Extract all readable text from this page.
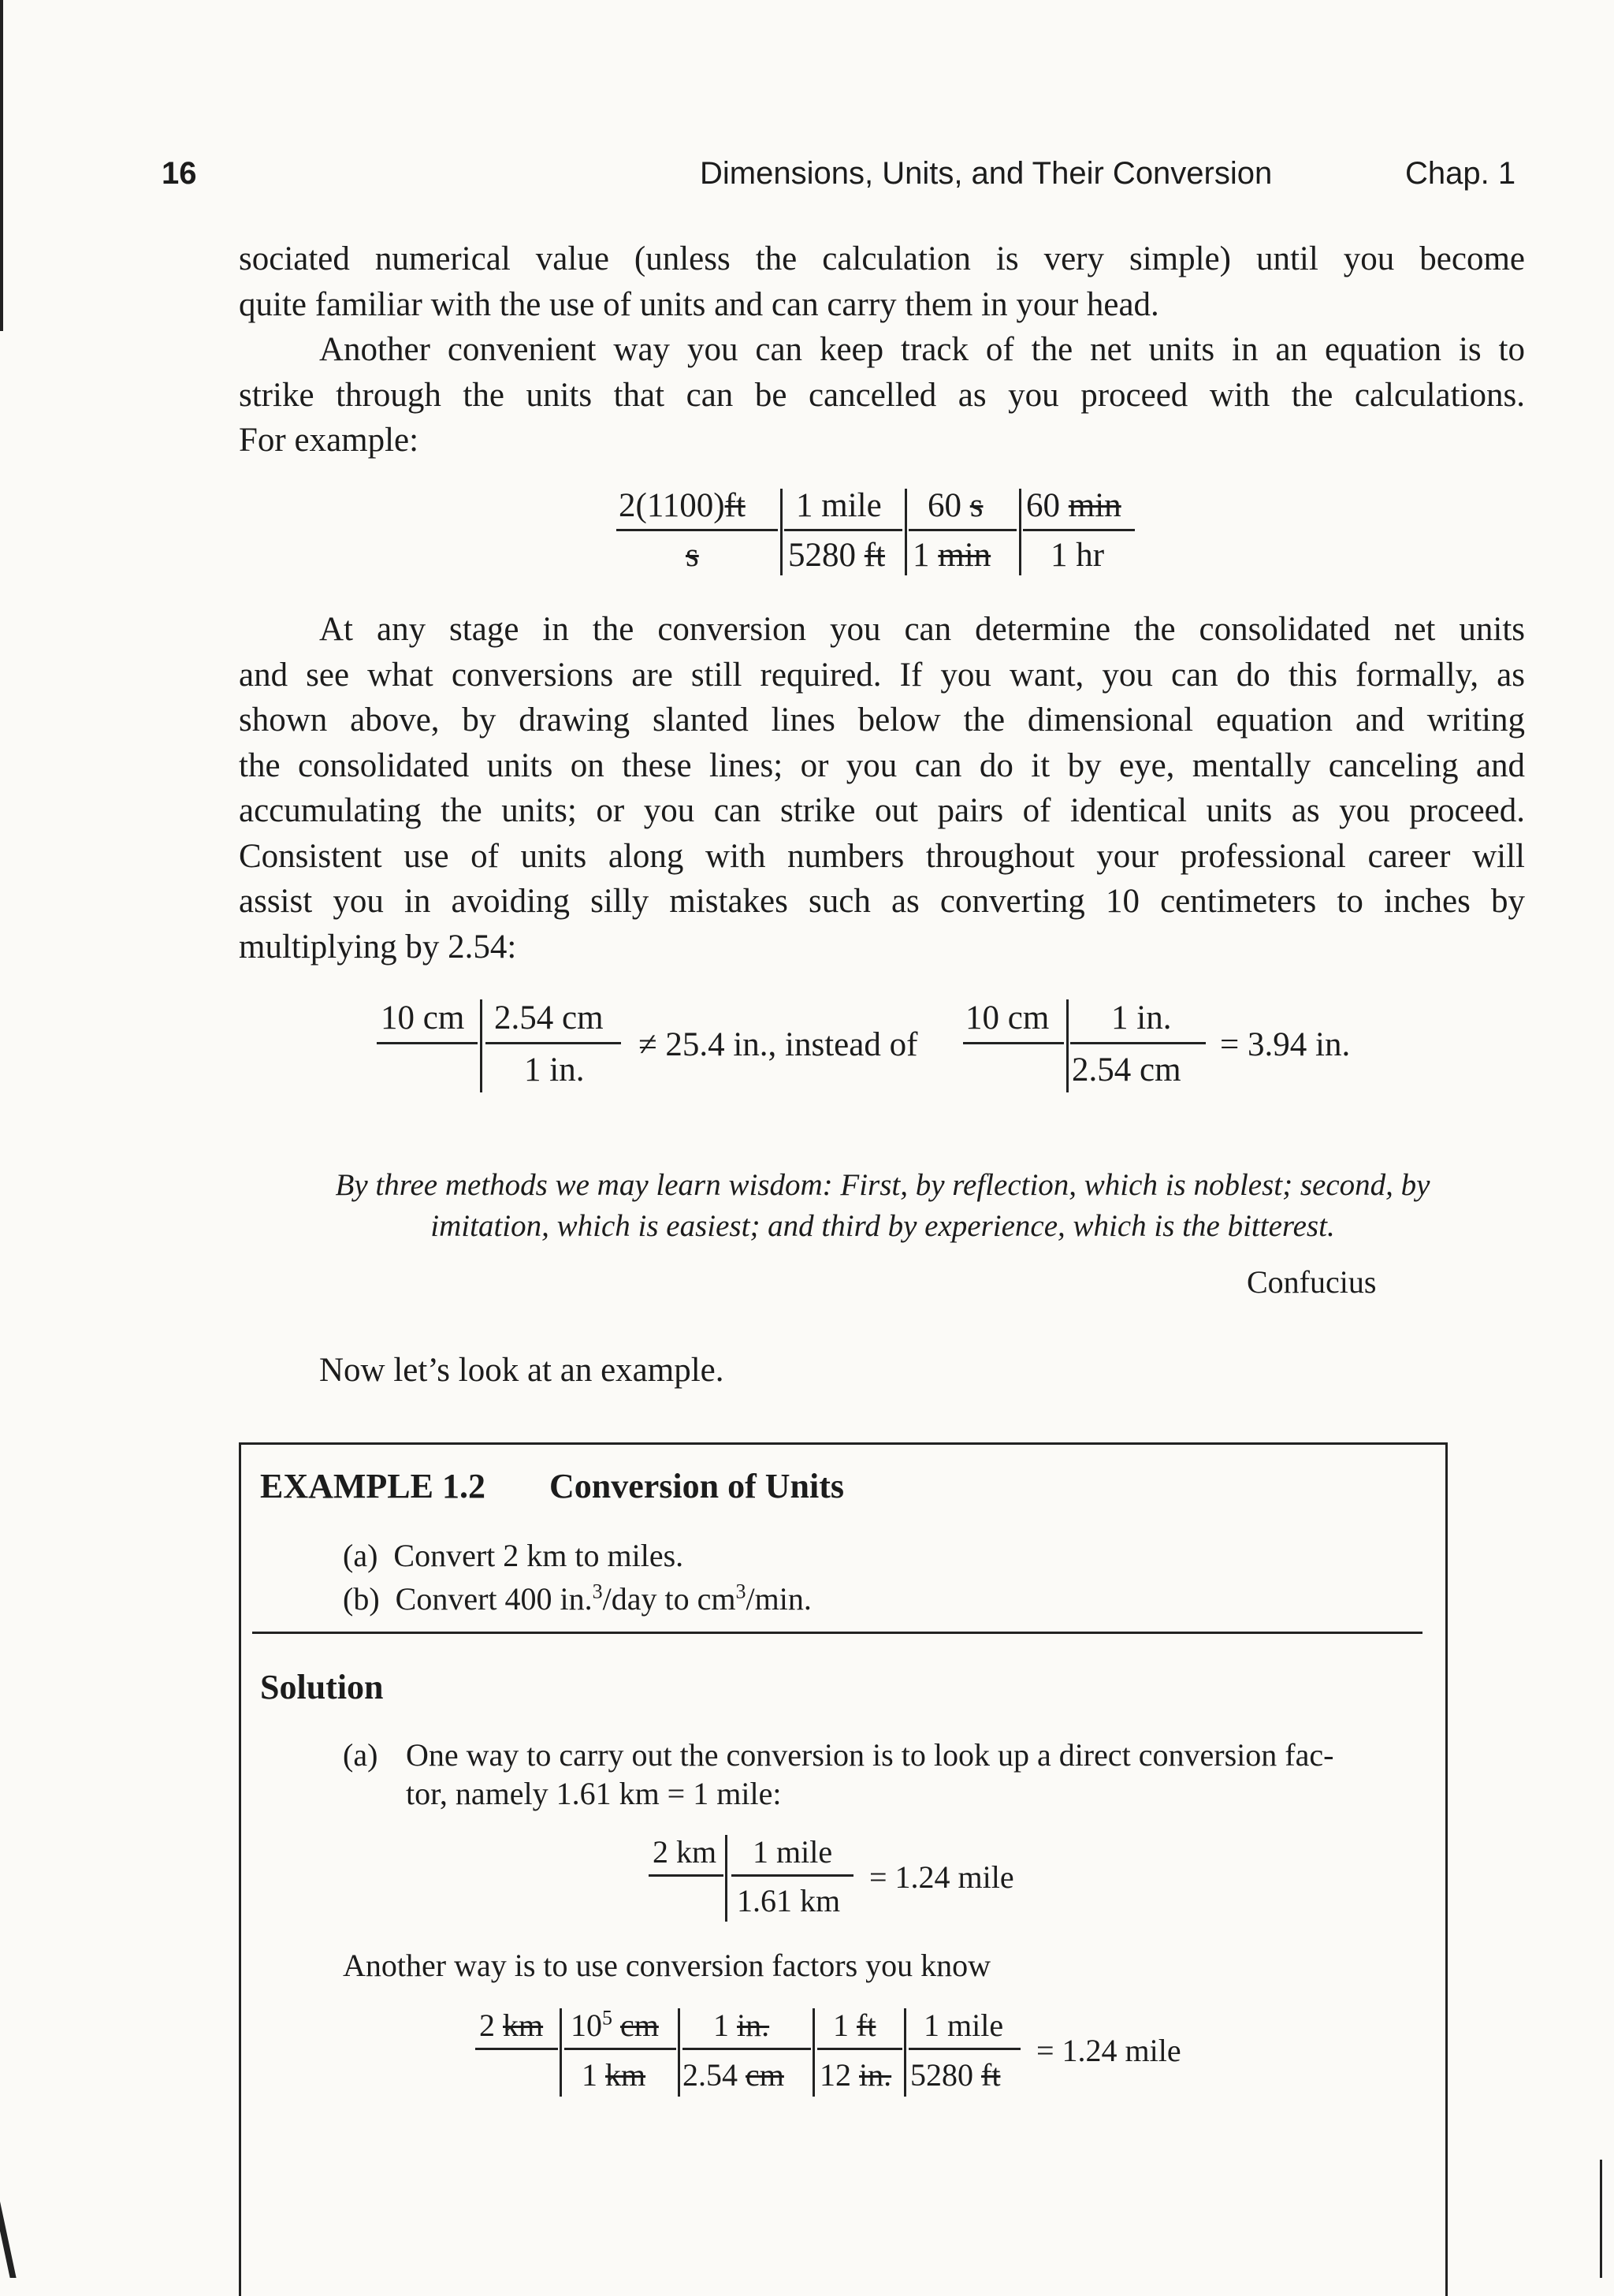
16	Dimensions, Units, and Their Conversion	Chap. 1

sociated numerical value (unless the calculation is very simple) until you become
quite familiar with the use of units and can carry them in your head.

Another convenient way you can keep track of the net units in an equation is to
strike through the units that can be cancelled as you proceed with the calculations.
For example:

2(1100)ft
s
1 mile
5280 ft
60 s
1 min
60 min
1 hr

At any stage in the conversion you can determine the consolidated net units
and see what conversions are still required. If you want, you can do this formally, as
shown above, by drawing slanted lines below the dimensional equation and writing
the consolidated units on these lines; or you can do it by eye, mentally canceling and
accumulating the units; or you can strike out pairs of identical units as you proceed.
Consistent use of units along with numbers throughout your professional career will
assist you in avoiding silly mistakes such as converting 10 centimeters to inches by
multiplying by 2.54:

10 cm 2.54 cm
1 in.
≠ 25.4 in., instead of
10 cm 1 in.
2.54 cm
= 3.94 in.
By three methods we may learn wisdom: First, by reflection, which is noblest; second, by
imitation, which is easiest; and third by experience, which is the bitterest.
Confucius
Now let’s look at an example.
EXAMPLE 1.2 Conversion of Units
(a) Convert 2 km to miles.
(b) Convert 400 in.$^3$/day to $cm^3/\min$.
Solution
(a) One way to carry out the conversion is to look up a direct conversion fac-
tor, namely 1.61 km = 1 mile:
2 km 1 mile
1.61 km
= 1.24 mile
Another way is to use conversion factors you know
2 km $10^5$ cm
1 km
1 in.
2.54 cm
1 ft
12 in.
1 mile
5280 ft
= 1.24 mile
